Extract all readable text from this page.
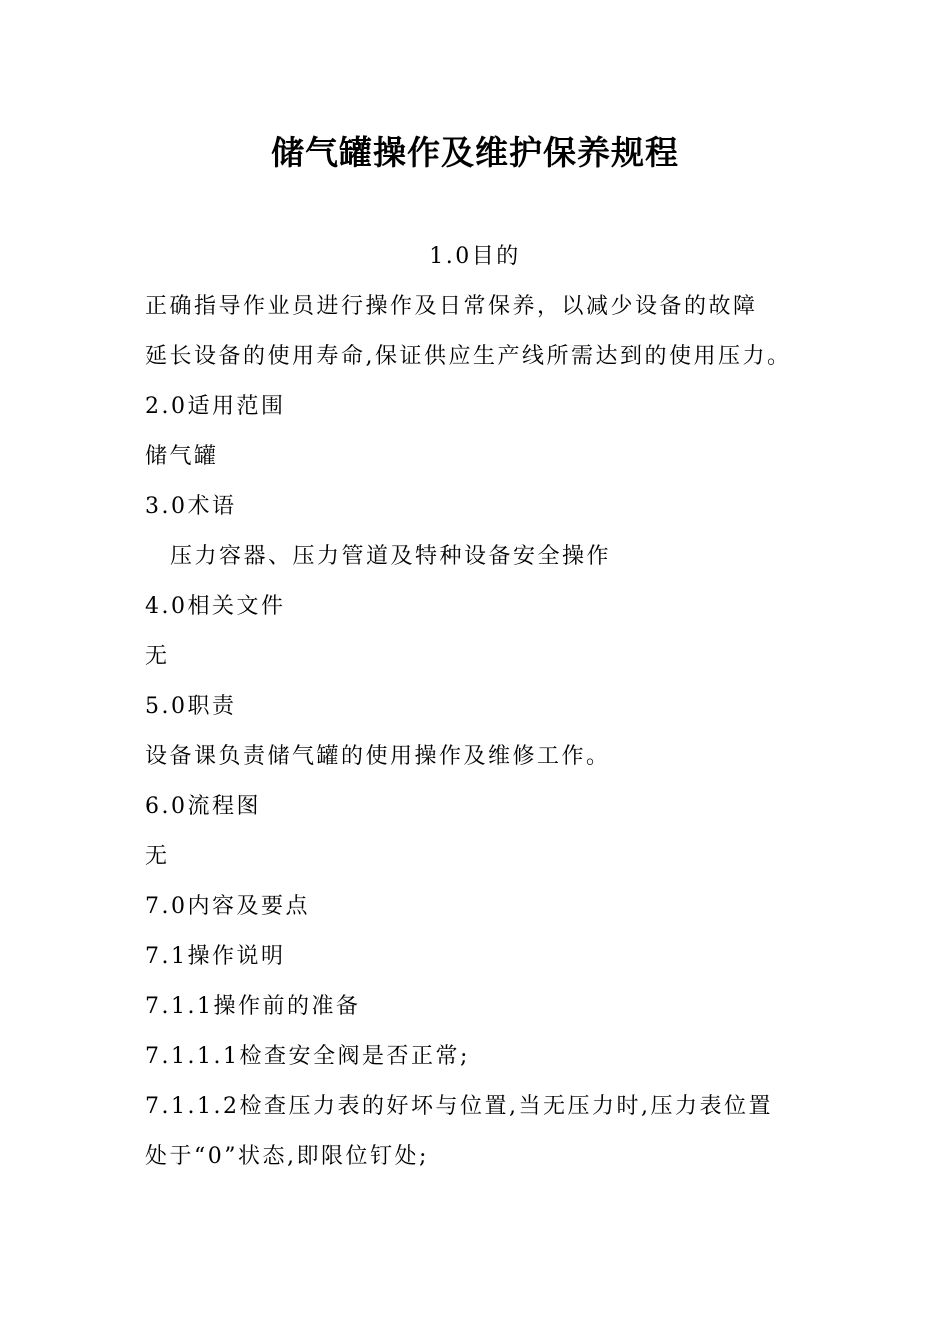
储气罐操作及维护保养规程
1.0目的
正确指导作业员进行操作及日常保养，以减少设备的故障
延长设备的使用寿命,保证供应生产线所需达到的使用压力。
2.0适用范围
储气罐
3.0术语
压力容器、压力管道及特种设备安全操作
4.0相关文件
无
5.0职责
设备课负责储气罐的使用操作及维修工作。
6.0流程图
无
7.0内容及要点
7.1操作说明
7.1.1操作前的准备
7.1.1.1检查安全阀是否正常;
7.1.1.2检查压力表的好坏与位置,当无压力时,压力表位置
处于“0”状态,即限位钉处;
